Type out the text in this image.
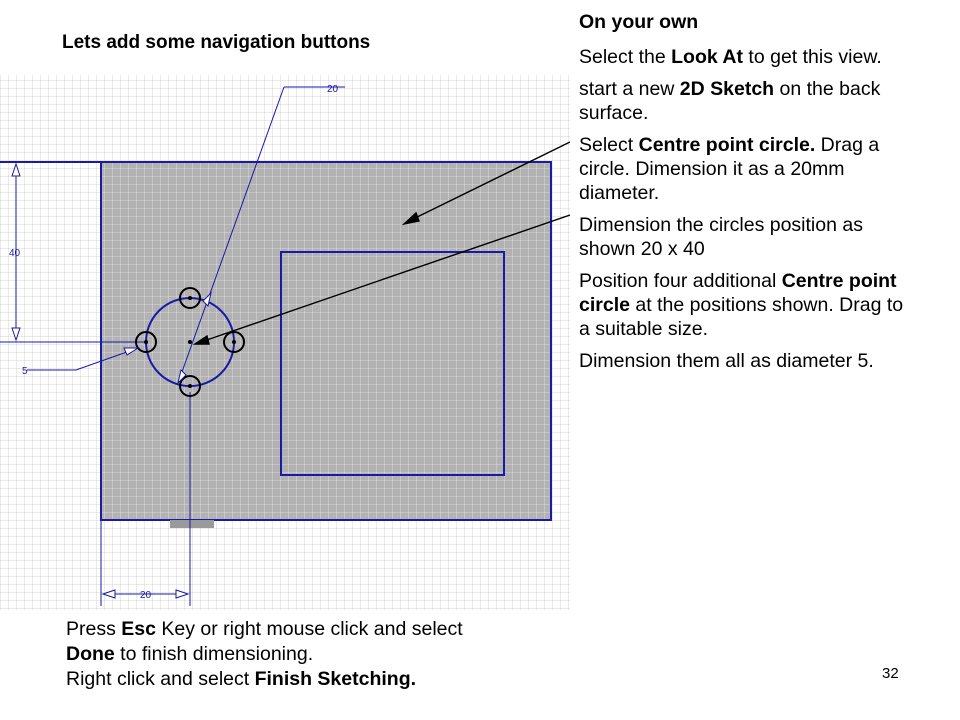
Lets add some navigation buttons
40
20
20
5

On your own

Select the Look At to get this view.

start a new 2D Sketch on the back surface.

Select Centre point circle. Drag a circle. Dimension it as a 20mm diameter.

Dimension the circles position as shown 20 x 40

Position four additional Centre point circle at the positions shown. Drag to a suitable size.

Dimension them all as diameter 5.

Press Esc Key or right mouse click and select

Done to finish dimensioning.

Right click and select Finish Sketching.	32
